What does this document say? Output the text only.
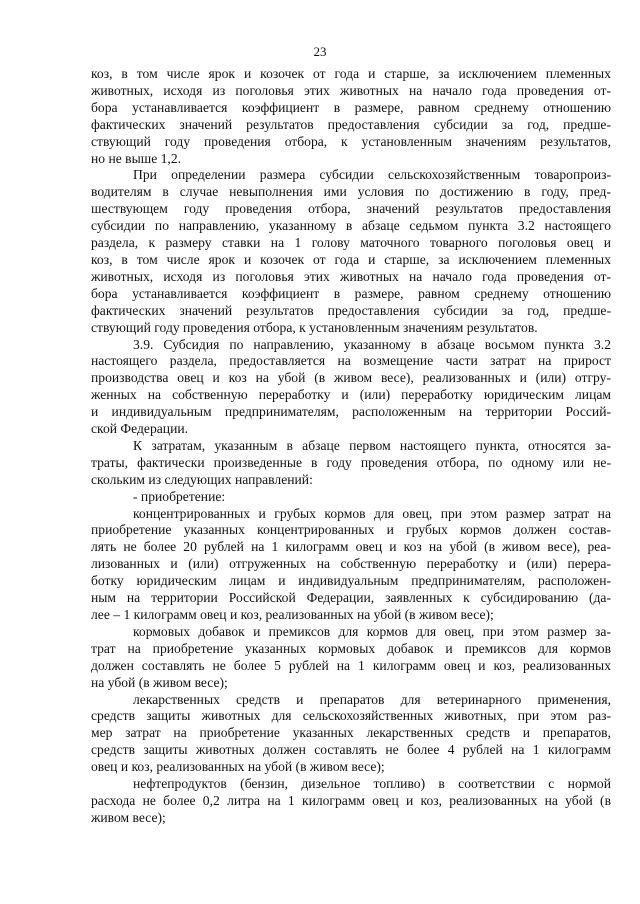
23

коз, в том числе ярок и козочек от года и старше, за исключением племенных

животных, исходя из поголовья этих животных на начало года проведения от-

бора устанавливается коэффициент в размере, равном среднему отношению

фактических значений результатов предоставления субсидии за год, предше-

ствующий году проведения отбора, к установленным значениям результатов,

но не выше 1,2.

При определении размера субсидии сельскохозяйственным товаропроиз-

водителям в случае невыполнения ими условия по достижению в году, пред-

шествующем году проведения отбора, значений результатов предоставления

субсидии по направлению, указанному в абзаце седьмом пункта 3.2 настоящего

раздела, к размеру ставки на 1 голову маточного товарного поголовья овец и

коз, в том числе ярок и козочек от года и старше, за исключением племенных

животных, исходя из поголовья этих животных на начало года проведения от-

бора устанавливается коэффициент в размере, равном среднему отношению

фактических значений результатов предоставления субсидии за год, предше-

ствующий году проведения отбора, к установленным значениям результатов.

3.9. Субсидия по направлению, указанному в абзаце восьмом пункта 3.2

настоящего раздела, предоставляется на возмещение части затрат на прирост

производства овец и коз на убой (в живом весе), реализованных и (или) отгру-

женных на собственную переработку и (или) переработку юридическим лицам

и индивидуальным предпринимателям, расположенным на территории Россий-

ской Федерации.

К затратам, указанным в абзаце первом настоящего пункта, относятся за-

траты, фактически произведенные в году проведения отбора, по одному или не-

скольким из следующих направлений:

- приобретение:

концентрированных и грубых кормов для овец, при этом размер затрат на

приобретение указанных концентрированных и грубых кормов должен состав-

лять не более 20 рублей на 1 килограмм овец и коз на убой (в живом весе), реа-

лизованных и (или) отгруженных на собственную переработку и (или) перера-

ботку юридическим лицам и индивидуальным предпринимателям, расположен-

ным на территории Российской Федерации, заявленных к субсидированию (да-

лее – 1 килограмм овец и коз, реализованных на убой (в живом весе);

кормовых добавок и премиксов для кормов для овец, при этом размер за-

трат на приобретение указанных кормовых добавок и премиксов для кормов

должен составлять не более 5 рублей на 1 килограмм овец и коз, реализованных

на убой (в живом весе);

лекарственных средств и препаратов для ветеринарного применения,

средств защиты животных для сельскохозяйственных животных, при этом раз-

мер затрат на приобретение указанных лекарственных средств и препаратов,

средств защиты животных должен составлять не более 4 рублей на 1 килограмм

овец и коз, реализованных на убой (в живом весе);

нефтепродуктов (бензин, дизельное топливо) в соответствии с нормой

расхода не более 0,2 литра на 1 килограмм овец и коз, реализованных на убой (в

живом весе);
